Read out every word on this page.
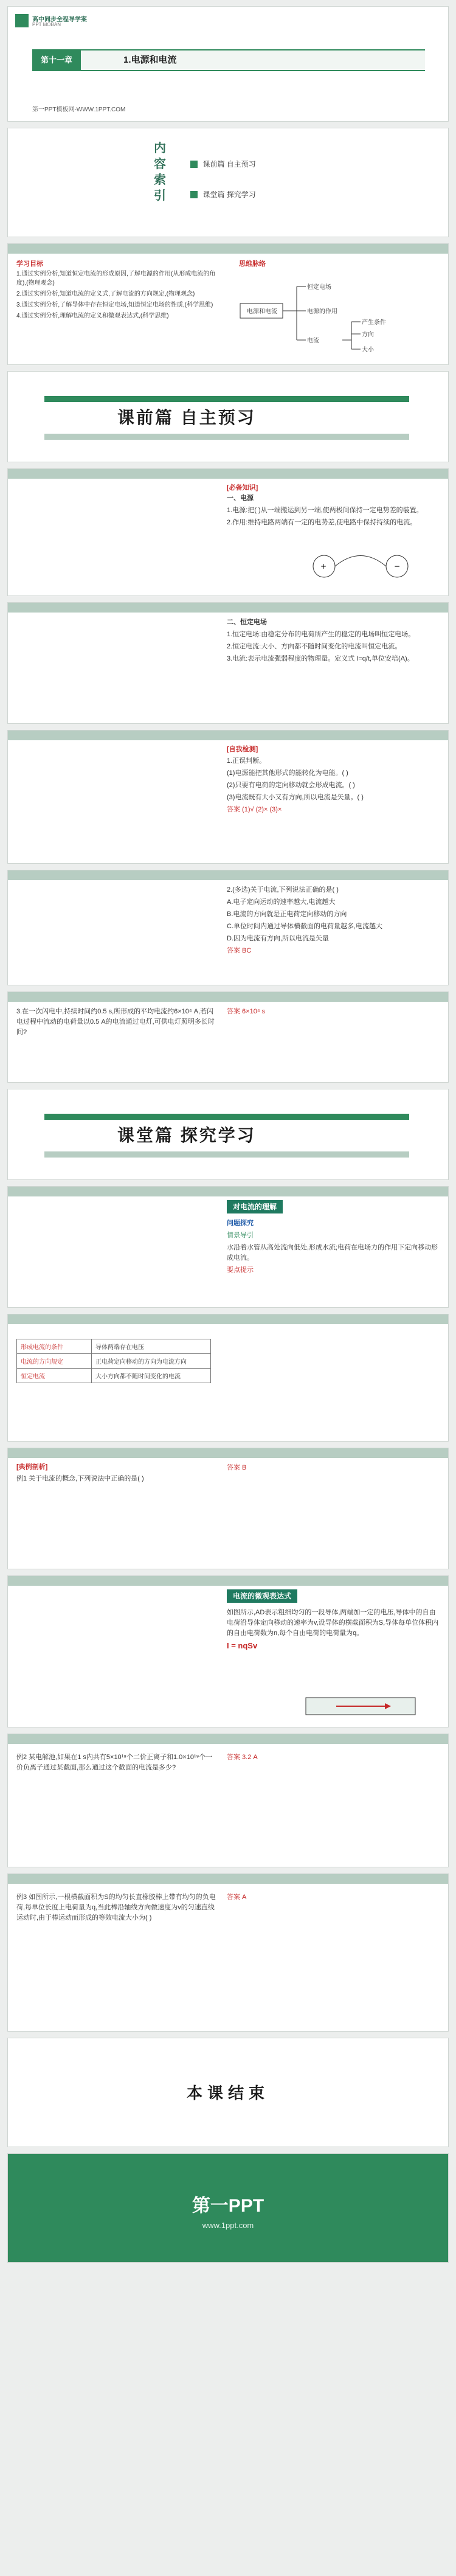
高中同步全程导学案
PPT MOBAN
第十一章	1.电源和电流
第一PPT模板网-WWW.1PPT.COM
内容索引
课前篇 自主预习
课堂篇 探究学习
学习目标

1.通过实例分析,知道恒定电流的形成原因,了解电源的作用(从形成电流的角度),(物理观念)

2.通过实例分析,知道电流的定义式,了解电流的方向规定,(物理观念)

3.通过实例分析,了解导体中存在恒定电场,知道恒定电场的性质,(科学思维)

4.通过实例分析,理解电流的定义和微观表达式,(科学思维)

思维脉络
电源和电流
恒定电场
电源的作用
电流
产生条件
方向
大小
课前篇 自主预习
[必备知识]

一、电源

1.电源:把( )从一端搬运到另一端,使两极间保持一定电势差的装置。

2.作用:维持电路两端有一定的电势差,使电路中保持持续的电流。

+	−

二、恒定电场

1.恒定电场:由稳定分布的电荷所产生的稳定的电场叫恒定电场。

2.恒定电流:大小、方向都不随时间变化的电流叫恒定电流。

3.电流:表示电流强弱程度的物理量。定义式 I=q/t,单位安培(A)。

[自我检测]

1.正误判断。

(1)电源能把其他形式的能转化为电能。( )

(2)只要有电荷的定向移动就会形成电流。( )

(3)电流既有大小又有方向,所以电流是矢量。( )

答案 (1)√ (2)× (3)×

2.(多选)关于电流,下列说法正确的是( )

A.电子定向运动的速率越大,电流越大

B.电流的方向就是正电荷定向移动的方向

C.单位时间内通过导体横截面的电荷量越多,电流越大

D.因为电流有方向,所以电流是矢量

答案 BC

3.在一次闪电中,持续时间约0.5 s,所形成的平均电流约6×10⁴ A,若闪电过程中流动的电荷量以0.5 A的电流通过电灯,可供电灯照明多长时间?

答案 6×10⁴ s
课堂篇 探究学习
对电流的理解

问题探究

情景导引

水沿着水管从高处流向低处,形成水流;电荷在电场力的作用下定向移动形成电流。

要点提示

形成电流的条件	导体两端存在电压
电流的方向规定	正电荷定向移动的方向为电流方向
恒定电流	大小方向都不随时间变化的电流
[典例剖析]

例1 关于电流的概念,下列说法中正确的是( )

答案 B
电流的微观表达式

如图所示,AD表示粗细均匀的一段导体,两端加一定的电压,导体中的自由电荷沿导体定向移动的速率为v,设导体的横截面积为S,导体每单位体积内的自由电荷数为n,每个自由电荷的电荷量为q。

I = nqSv

例2 某电解池,如果在1 s内共有5×10¹⁸个二价正离子和1.0×10¹⁹个一价负离子通过某截面,那么通过这个截面的电流是多少?

答案 3.2 A

例3 如图所示,一根横截面积为S的均匀长直橡胶棒上带有均匀的负电荷,每单位长度上电荷量为q,当此棒沿轴线方向做速度为v的匀速直线运动时,由于棒运动而形成的等效电流大小为( )

答案 A
本课结束
第一PPT
www.1ppt.com
